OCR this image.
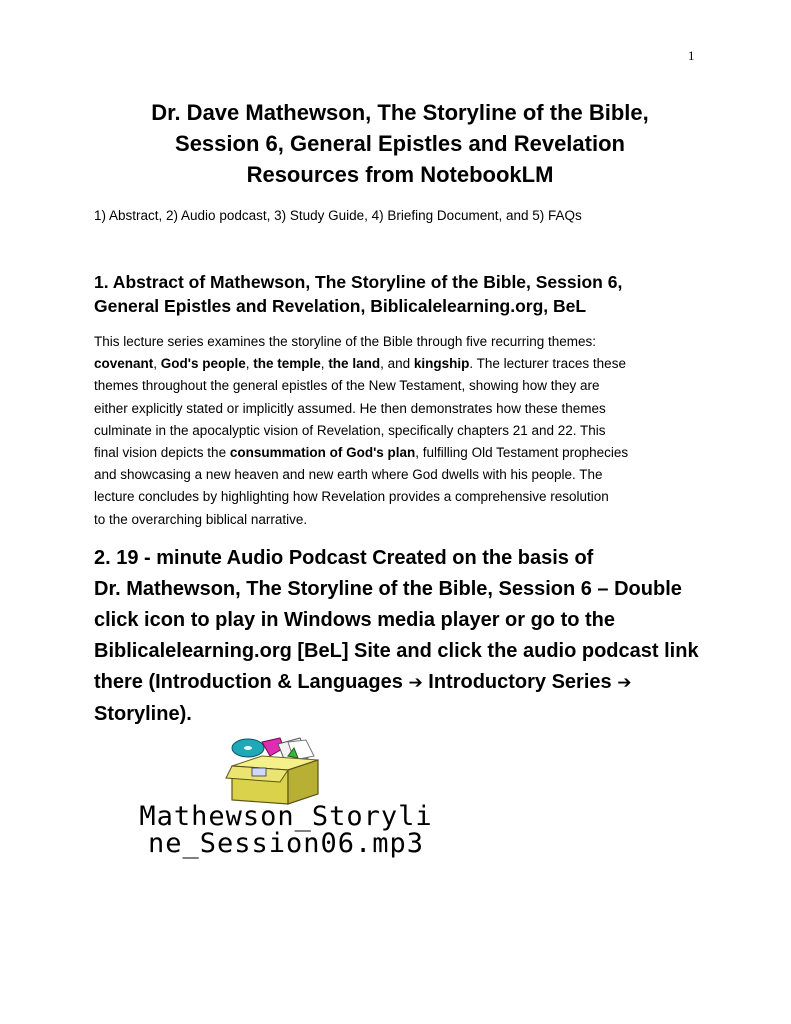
1
Dr. Dave Mathewson, The Storyline of the Bible,
Session 6, General Epistles and Revelation
Resources from NotebookLM
1) Abstract, 2) Audio podcast, 3) Study Guide, 4) Briefing Document, and 5) FAQs
1. Abstract of Mathewson, The Storyline of the Bible, Session 6,
General Epistles and Revelation, Biblicalelearning.org, BeL
This lecture series examines the storyline of the Bible through five recurring themes:
covenant, God's people, the temple, the land, and kingship. The lecturer traces these
themes throughout the general epistles of the New Testament, showing how they are
either explicitly stated or implicitly assumed. He then demonstrates how these themes
culminate in the apocalyptic vision of Revelation, specifically chapters 21 and 22. This
final vision depicts the consummation of God's plan, fulfilling Old Testament prophecies
and showcasing a new heaven and new earth where God dwells with his people. The
lecture concludes by highlighting how Revelation provides a comprehensive resolution
to the overarching biblical narrative.
2. 19 - minute Audio Podcast Created on the basis of
Dr. Mathewson, The Storyline of the Bible, Session 6 – Double
click icon to play in Windows media player or go to the
Biblicalelearning.org [BeL] Site and click the audio podcast link
there (Introduction & Languages ➔ Introductory Series ➔
Storyline).
Mathewson_Storyli
ne_Session06.mp3
